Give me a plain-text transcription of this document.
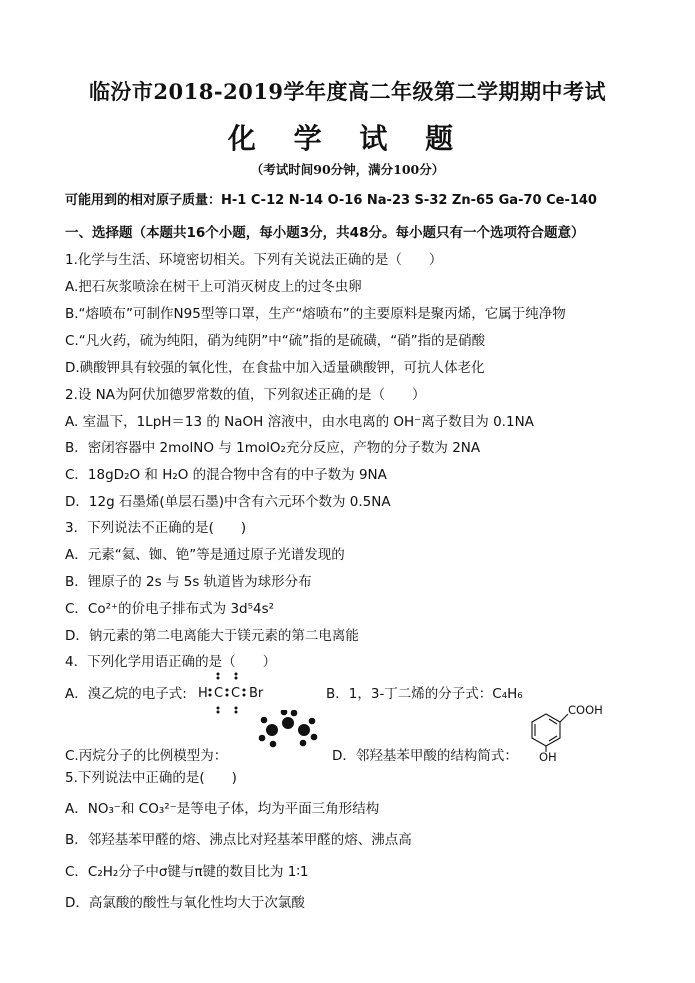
临汾市2018-2019学年度高二年级第二学期期中考试
化 学 试 题
（考试时间90分钟，满分100分）
可能用到的相对原子质量：H-1 C-12 N-14 O-16 Na-23 S-32 Zn-65 Ga-70 Ce-140
一、选择题（本题共16个小题，每小题3分，共48分。每小题只有一个选项符合题意）
1.化学与生活、环境密切相关。下列有关说法正确的是（　　）
A.把石灰浆喷涂在树干上可消灭树皮上的过冬虫卵
B.“熔喷布”可制作N95型等口罩，生产“熔喷布”的主要原料是聚丙烯，它属于纯净物
C.“凡火药，硫为纯阳，硝为纯阴”中“硫”指的是硫磺，“硝”指的是硝酸
D.碘酸钾具有较强的氧化性，在食盐中加入适量碘酸钾，可抗人体老化
2.设 NA为阿伏加德罗常数的值，下列叙述正确的是（　　）
A. 室温下，1LpH＝13 的 NaOH 溶液中，由水电离的 OH⁻离子数目为 0.1NA
B．密闭容器中 2molNO 与 1molO₂充分反应，产物的分子数为 2NA
C．18gD₂O 和 H₂O 的混合物中含有的中子数为 9NA
D．12g 石墨烯(单层石墨)中含有六元环个数为 0.5NA
3．下列说法不正确的是(　　)
A．元素“氦、铷、铯”等是通过原子光谱发现的
B．锂原子的 2s 与 5s 轨道皆为球形分布
C．Co²⁺的价电子排布式为 3d⁵4s²
D．钠元素的第二电离能大于镁元素的第二电离能
4．下列化学用语正确的是（　　）
A．溴乙烷的电子式: H C C Br	B．1，3-丁二烯的分子式：C₄H₆
C.丙烷分子的比例模型为：
COOH
OH
D．邻羟基苯甲酸的结构简式：
5.下列说法中正确的是(　　)
A．NO₃⁻和 CO₃²⁻是等电子体，均为平面三角形结构
B．邻羟基苯甲醛的熔、沸点比对羟基苯甲醛的熔、沸点高
C．C₂H₂分子中σ键与π键的数目比为 1∶1
D．高氯酸的酸性与氧化性均大于次氯酸
